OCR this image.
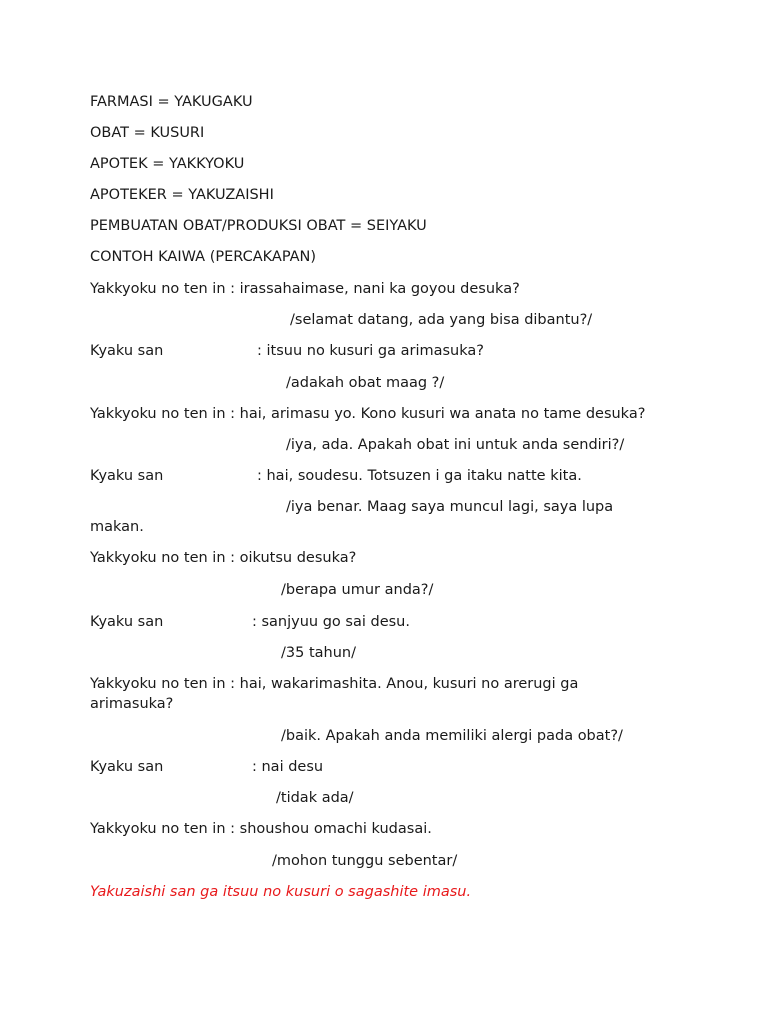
FARMASI = YAKUGAKU

OBAT = KUSURI

APOTEK = YAKKYOKU

APOTEKER = YAKUZAISHI

PEMBUATAN OBAT/PRODUKSI OBAT = SEIYAKU

CONTOH KAIWA (PERCAKAPAN)

Yakkyoku no ten in : irassahaimase, nani ka goyou desuka?

/selamat datang, ada yang bisa dibantu?/

Kyaku san	: itsuu no kusuri ga arimasuka?

/adakah obat maag ?/

Yakkyoku no ten in : hai, arimasu yo. Kono kusuri wa anata no tame desuka?

/iya, ada. Apakah obat ini untuk anda sendiri?/

Kyaku san	: hai, soudesu. Totsuzen i ga itaku natte kita.

/iya benar. Maag saya muncul lagi, saya lupa

makan.

Yakkyoku no ten in : oikutsu desuka?

/berapa umur anda?/

Kyaku san	: sanjyuu go sai desu.

/35 tahun/

Yakkyoku no ten in : hai, wakarimashita. Anou, kusuri no arerugi ga

arimasuka?

/baik. Apakah anda memiliki alergi pada obat?/

Kyaku san	: nai desu

/tidak ada/

Yakkyoku no ten in : shoushou omachi kudasai.

/mohon tunggu sebentar/

Yakuzaishi san ga itsuu no kusuri o sagashite imasu.
